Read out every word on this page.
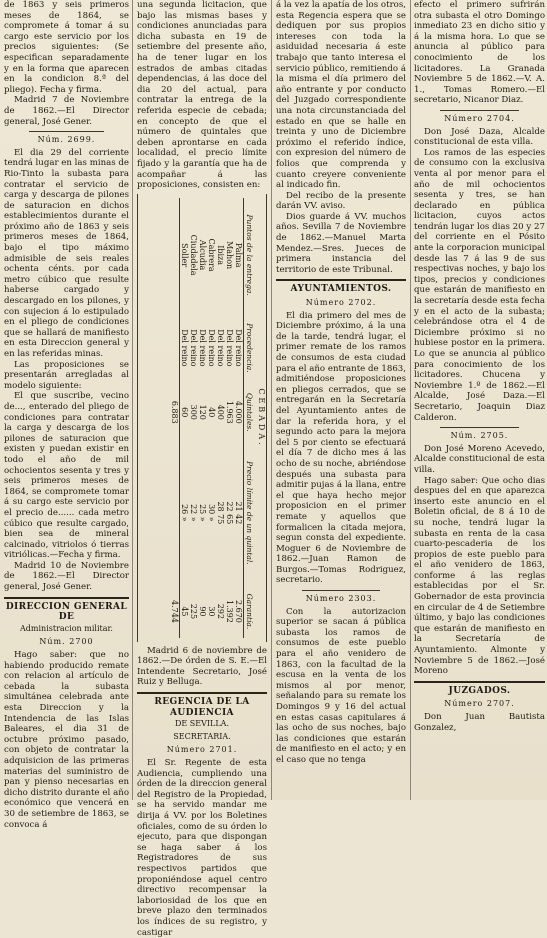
de 1863 y seis primeros meses de 1864, se compromete á tomar á su cargo este servicio por los precios siguientes: (Se especifican separadamente y en la forma que aparecen en la condicion 8.ª del pliego). Fecha y firma.

Madrid 7 de Noviembre de 1862.—El Director general, José Gener.

Núm. 2699.

El dia 29 del corriente tendrá lugar en las minas de Rio-Tinto la subasta para contratar el servicio de carga y descarga de pilones de saturacion en dichos establecimientos durante el próximo año de 1863 y seis primeros meses de 1864, bajo el tipo máximo admisible de seis reales ochenta cénts. por cada metro cúbico que resulte haberse cargado y descargado en los pilones, y con sujecion á lo estipulado en el pliego de condiciones que se hallará de manifiesto en esta Direccion general y en las referidas minas.

Las proposiciones se presentarán arregladas al modelo siguiente:

El que suscribe, vecino de..., enterado del pliego de condiciones para contratar la carga y descarga de los pilones de saturacion que existen y puedan existir en todo el año de mil ochocientos sesenta y tres y seis primeros meses de 1864, se compromete tomar á su cargo este servicio por el precio de...... cada metro cúbico que resulte cargado, bien sea de mineral calcinado, vitriolos ó tierras vitriólicas.—Fecha y firma.

Madrid 10 de Noviembre de 1862.—El Director general, José Gener.

DIRECCION GENERAL DE
Administracion militar.
Núm. 2700

Hago saber: que no habiendo producido remate con relacion al artículo de cebada la subasta simultánea celebrada ante esta Direccion y la Intendencia de las Islas Baleares, el dia 31 de octubre próximo pasado, con objeto de contratar la adquisicion de las primeras materias del suministro de pan y pienso necesarias en dicho distrito durante el año económico que vencerá en 30 de setiembre de 1863, se convoca á

una segunda licitacion, que bajo las mismas bases y condiciones anunciadas para dicha subasta en 19 de setiembre del presente año, ha de tener lugar en los estrados de ambas citadas dependencias, á las doce del dia 20 del actual, para contratar la entrega de la referida especie de cebada; en concepto de que el número de quintales que deben aprontarse en cada localidad, el precio límite fijado y la garantía que ha de acompañar á las proposiciones, consisten en:

CEBADA.
Puntos de la entrega.	Procedencia.	Quintales.	Precio límite de un quintal.	Garantía.
Palma	Del reino	4.000	21 42	2.670
Mahon	Del reino	1.963	22 65	1.392
Ibiza	Del reino	400	28 75	292
Cabrera	Del reino	40	30 »	30
Alcudia	Del reino	120	25 »	90
Ciudadela	Del reino	300	22 »	225
Soller	Del reino	60	26 »	45
		6.883		4.744

Madrid 6 de noviembre de 1862.—De órden de S. E.—El Intendente Secretario, José Ruiz y Belluga.

REGENCIA DE LA AUDIENCIA
DE SEVILLA.
SECRETARIA.
Número 2701.

El Sr. Regente de esta Audiencia, cumpliendo una órden de la direccion general del Registro de la Propiedad, se ha servido mandar me dirija á VV. por los Boletines oficiales, como de su órden lo ejecuto, para que dispongan se haga saber á los Registradores de sus respectivos partidos que proponiéndose aquel centro directivo recompensar la laboriosidad de los que en breve plazo den terminados los índices de su registro, y castigar

á la vez la apatía de los otros, esta Regencia espera que se dediquen por sus propios intereses con toda la asiduidad necesaria á este trabajo que tanto interesa el servicio público, remitiendo á la misma el día primero del año entrante y por conducto del Juzgado correspondiente una nota circunstanciada del estado en que se halle en treinta y uno de Diciembre próximo el referido índice, con expresion del número de folios que comprenda y cuanto creyere conveniente al indicado fin.

Del recibo de la presente darán VV. aviso.

Dios guarde á VV. muchos años. Sevilla 7 de Noviembre de 1862.—Manuel Marta Mendez.—Sres. Jueces de primera instancia del territorio de este Tribunal.

AYUNTAMIENTOS.
Número 2702.

El dia primero del mes de Diciembre próximo, á la una de la tarde, tendrá lugar, el primer remate de los ramos de consumos de esta ciudad para el año entrante de 1863, admitiéndose proposiciones en pliegos cerrados, que se entregarán en la Secretaría del Ayuntamiento antes de dar la referida hora, y el segundo acto para la mejora del 5 por ciento se efectuará el día 7 de dicho mes á las ocho de su noche, abriéndose después una subasta para admitir pujas á la llana, entre el que haya hecho mejor proposicion en el primer remate y aquellos que formalicen la citada mejora, segun consta del expediente. Moguer 6 de Noviembre de 1862.—Juan Ramon de Burgos.—Tomas Rodriguez, secretario.

Número 2303.

Con la autorizacion superior se sacan á pública subasta los ramos de consumos de este pueblo para el año venidero de 1863, con la facultad de la escusa en la venta de los mismos al por menor, señalando para su remate los Domingos 9 y 16 del actual en estas casas capitulares á las ocho de sus noches, bajo las condiciones que estarán de manifiesto en el acto; y en el caso que no tenga

efecto el primero sufrirán otra subasta el otro Domingo inmediato 23 en dicho sitio y á la misma hora. Lo que se anuncia al público para conocimiento de los licitadores. La Granada Noviembre 5 de 1862.—V. A. 1., Tomas Romero.—El secretario, Nicanor Diaz.

Número 2704.

Don José Daza, Alcalde constitucional de esta villa.

Los ramos de las especies de consumo con la exclusiva venta al por menor para el año de mil ochocientos sesenta y tres, se han declarado en pública licitacion, cuyos actos tendrán lugar los dias 20 y 27 del corriente en el Pósito ante la corporacion municipal desde las 7 á las 9 de sus respectivas noches, y bajo los tipos, precios y condiciones que estarán de manifiesto en la secretaría desde esta fecha y en el acto de la subasta; celebrándose otra el 4 de Diciembre próximo si no hubiese postor en la primera. Lo que se anuncia al público para conocimiento de los licitadores. Chucena y Noviembre 1.º de 1862.—El Alcalde, José Daza.—El Secretario, Joaquin Diaz Calderon.

Núm. 2705.

Don José Moreno Acevedo, Alcalde constitucional de esta villa.

Hago saber: Que ocho dias despues del en que aparezca inserto este anuncio en el Boletin oficial, de 8 á 10 de su noche, tendrá lugar la subasta en renta de la casa cuarto-pescaderia de los propios de este pueblo para el año venidero de 1863, conforme á las reglas establecidas por el Sr. Gobernador de esta provincia en circular de 4 de Setiembre último, y bajo las condiciones que estarán de manifiesto en la Secretaría de Ayuntamiento. Almonte y Noviembre 5 de 1862.—José Moreno

JUZGADOS.
Número 2707.

Don Juan Bautista Gonzalez,
